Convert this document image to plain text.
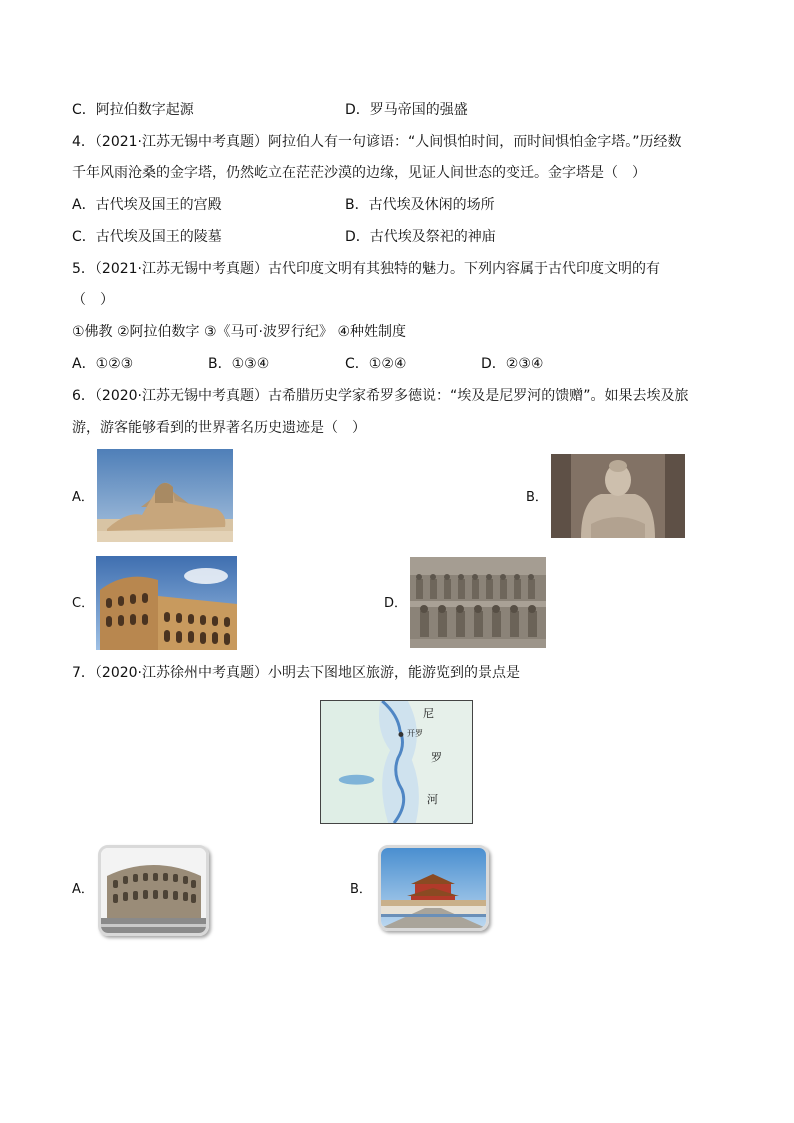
C．阿拉伯数字起源	D．罗马帝国的强盛
4．（2021·江苏无锡中考真题）阿拉伯人有一句谚语：“人间惧怕时间，而时间惧怕金字塔。”历经数
千年风雨沧桑的金字塔，仍然屹立在茫茫沙漠的边缘，见证人间世态的变迁。金字塔是（　）
A．古代埃及国王的宫殿	B．古代埃及休闲的场所
C．古代埃及国王的陵墓	D．古代埃及祭祀的神庙
5．（2021·江苏无锡中考真题）古代印度文明有其独特的魅力。下列内容属于古代印度文明的有
（　）
①佛教 ②阿拉伯数字 ③《马可·波罗行纪》 ④种姓制度
A．①②③	B．①③④	C．①②④	D．②③④
6．（2020·江苏无锡中考真题）古希腊历史学家希罗多德说：“埃及是尼罗河的馈赠”。如果去埃及旅
游，游客能够看到的世界著名历史遗迹是（　）
A．	B．
C．	D．
7．（2020·江苏徐州中考真题）小明去下图地区旅游，能游览到的景点是
尼
开罗
罗
河
A．	B．
